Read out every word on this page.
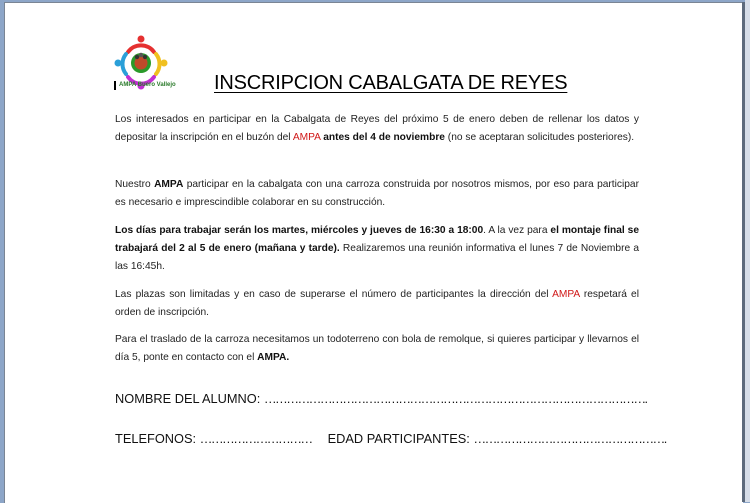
AMPA Buero Vallejo INSCRIPCION CABALGATA DE REYES
Los interesados en participar en la Cabalgata de Reyes del próximo 5 de enero deben de rellenar los datos y depositar la inscripción en el buzón del AMPA antes del 4 de noviembre (no se aceptaran solicitudes posteriores).
Nuestro AMPA participar en la cabalgata con una carroza construida por nosotros mismos, por eso para participar es necesario e imprescindible colaborar en su construcción.
Los días para trabajar serán los martes, miércoles y jueves de 16:30 a 18:00. A la vez para el montaje final se trabajará del 2 al 5 de enero (mañana y tarde). Realizaremos una reunión informativa el lunes 7 de Noviembre a las 16:45h.
Las plazas son limitadas y en caso de superarse el número de participantes la dirección del AMPA respetará el orden de inscripción.
Para el traslado de la carroza necesitamos un todoterreno con bola de remolque, si quieres participar y llevarnos el día 5, ponte en contacto con el AMPA.
NOMBRE DEL ALUMNO: ………………………………………………………………………………………….
TELEFONOS: ………………………… EDAD PARTICIPANTES: …………………………………………….
